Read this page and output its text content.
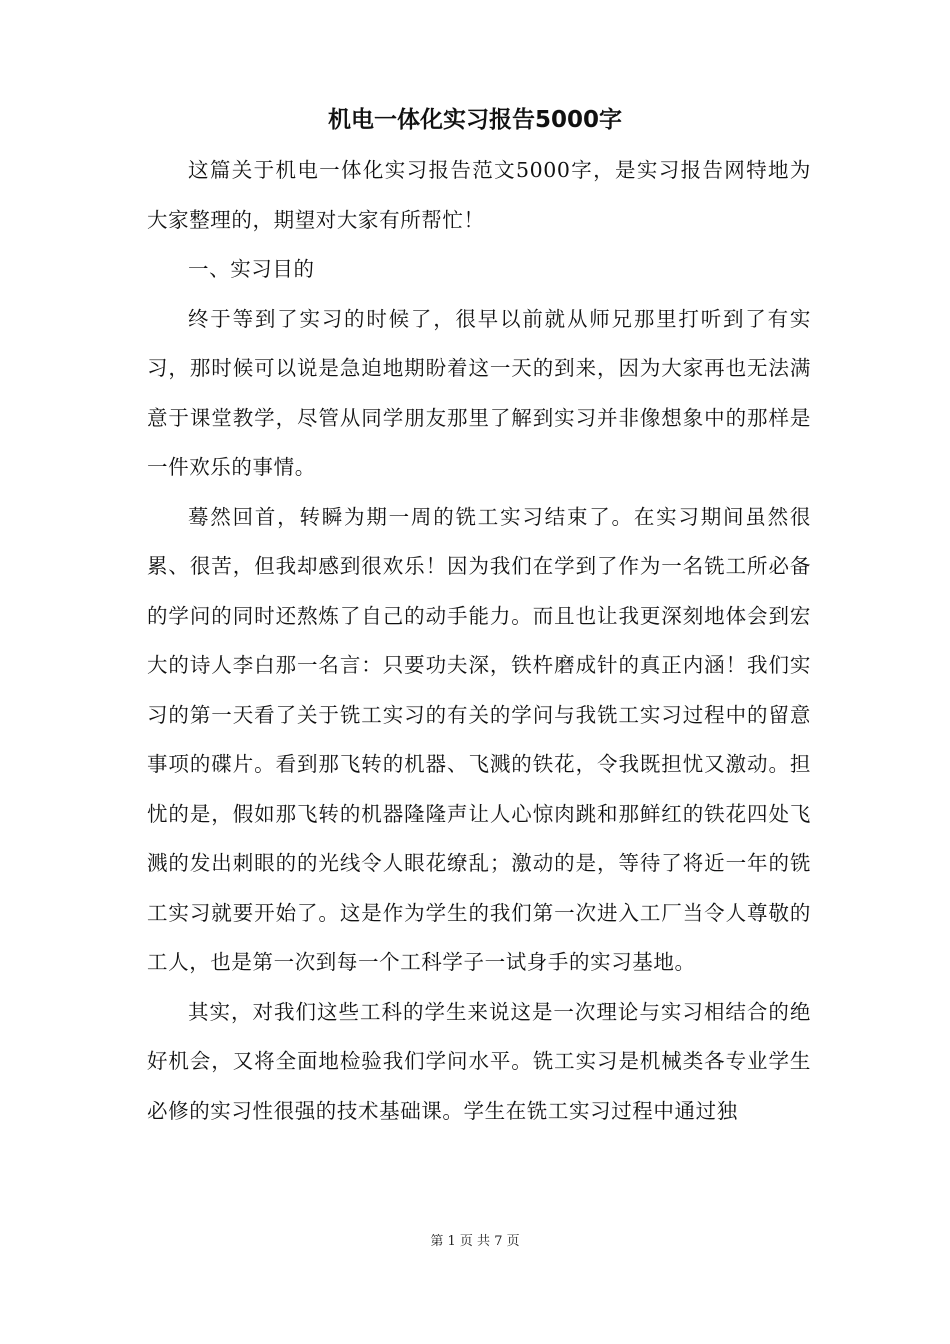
机电一体化实习报告5000字

这篇关于机电一体化实习报告范文5000字，是实习报告网特地为大家整理的，期望对大家有所帮忙！

一、实习目的

终于等到了实习的时候了，很早以前就从师兄那里打听到了有实习，那时候可以说是急迫地期盼着这一天的到来，因为大家再也无法满意于课堂教学，尽管从同学朋友那里了解到实习并非像想象中的那样是一件欢乐的事情。

蓦然回首，转瞬为期一周的铣工实习结束了。在实习期间虽然很累、很苦，但我却感到很欢乐！因为我们在学到了作为一名铣工所必备的学问的同时还熬炼了自己的动手能力。而且也让我更深刻地体会到宏大的诗人李白那一名言：只要功夫深，铁杵磨成针的真正内涵！我们实习的第一天看了关于铣工实习的有关的学问与我铣工实习过程中的留意事项的碟片。看到那飞转的机器、飞溅的铁花，令我既担忧又激动。担忧的是，假如那飞转的机器隆隆声让人心惊肉跳和那鲜红的铁花四处飞溅的发出刺眼的的光线令人眼花缭乱；激动的是，等待了将近一年的铣工实习就要开始了。这是作为学生的我们第一次进入工厂当令人尊敬的工人，也是第一次到每一个工科学子一试身手的实习基地。

其实，对我们这些工科的学生来说这是一次理论与实习相结合的绝好机会，又将全面地检验我们学问水平。铣工实习是机械类各专业学生必修的实习性很强的技术基础课。学生在铣工实习过程中通过独

第 1 页 共 7 页
